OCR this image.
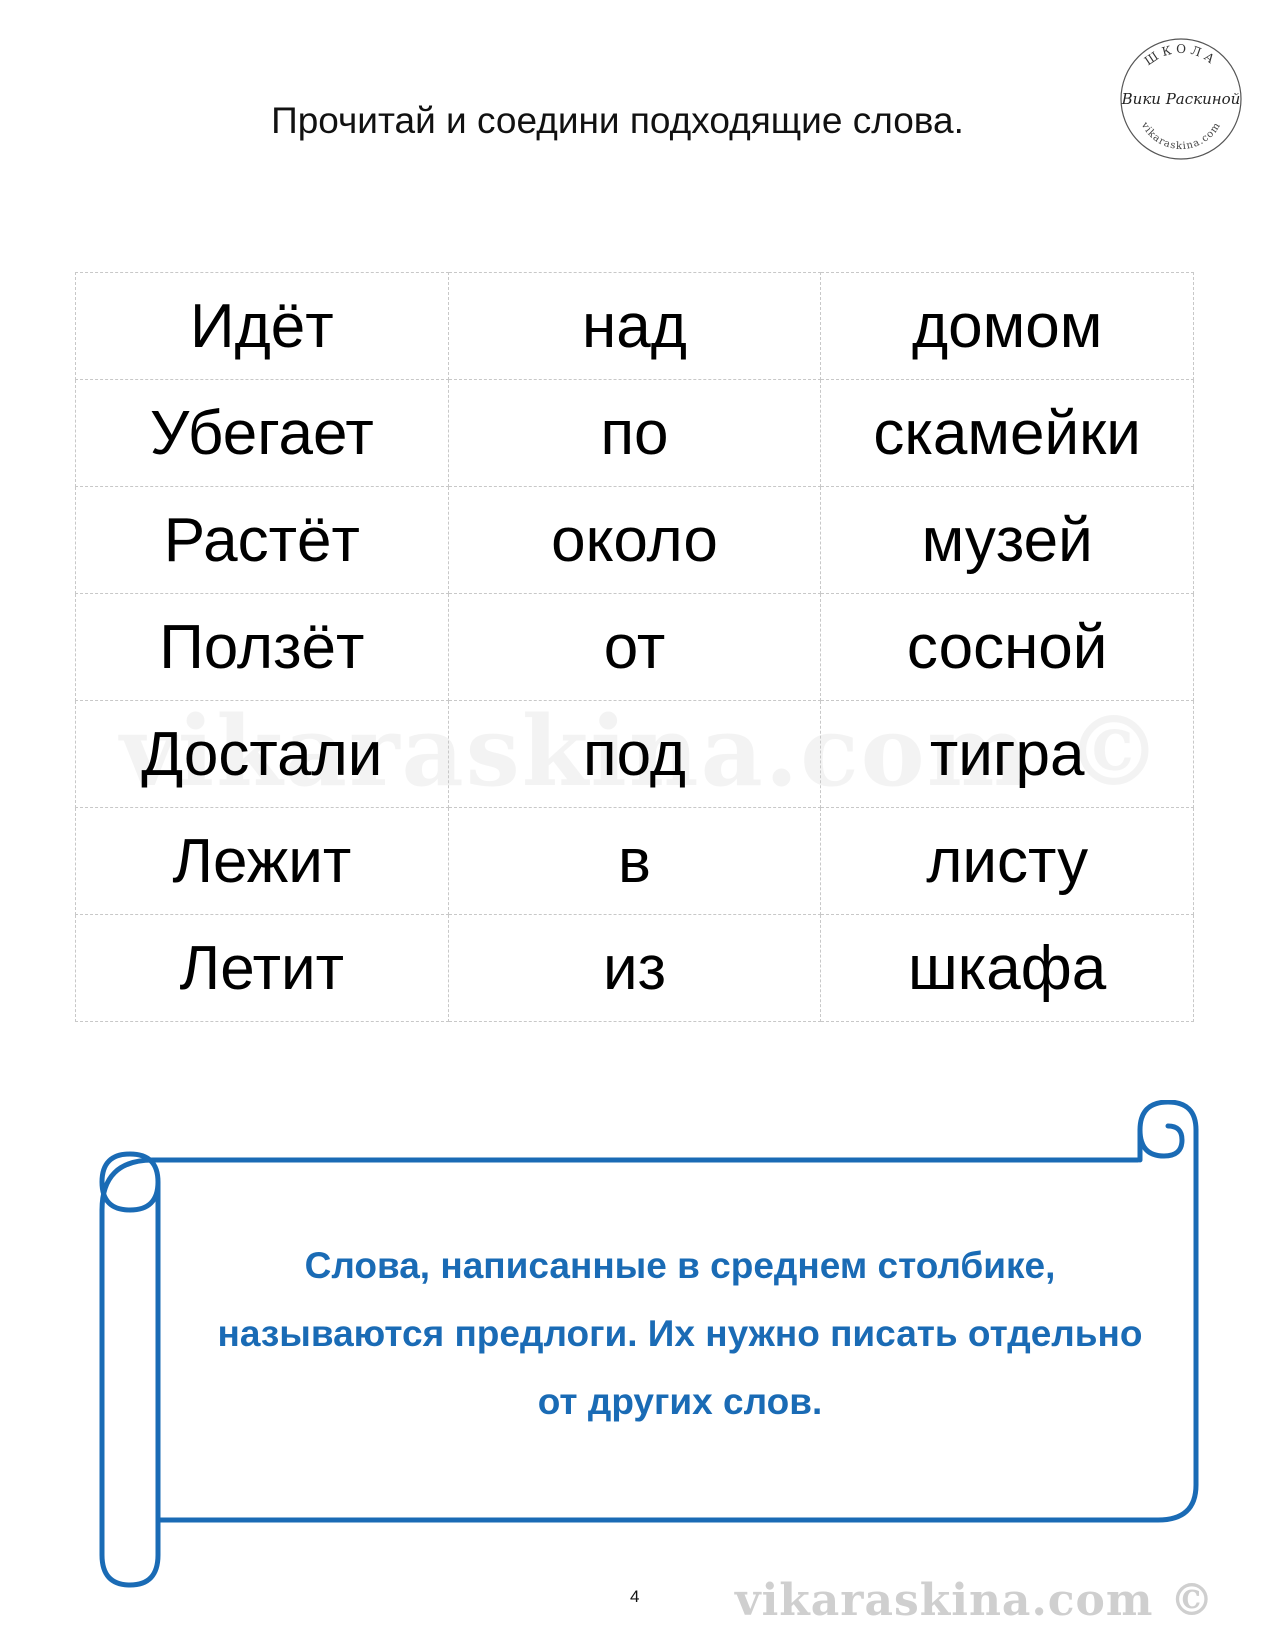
Прочитай и соедини подходящие слова.
ШКОЛА
Вики Раскиной
vikaraskina.com
Идёт	над	домом
Убегает	по	скамейки
Растёт	около	музей
Ползёт	от	сосной
Достали	под	тигра
Лежит	в	листу
Летит	из	шкафа
Слова, написанные в среднем столбике,
называются предлоги. Их нужно писать отдельно
от других слов.
4 vikaraskina.com ©
